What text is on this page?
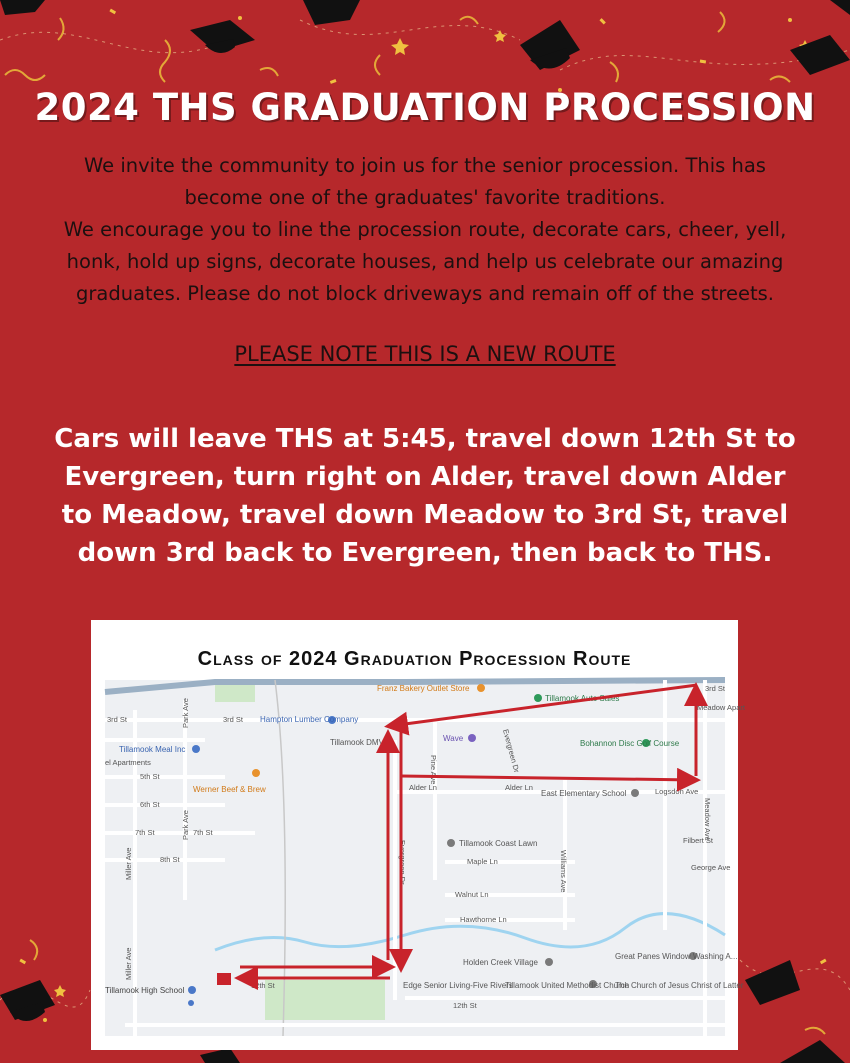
2024 THS GRADUATION PROCESSION
We invite the community to join us for the senior procession. This has
become one of the graduates' favorite traditions.
We encourage you to line the procession route, decorate cars, cheer, yell,
honk, hold up signs, decorate houses, and help us celebrate our amazing
graduates. Please do not block driveways and remain off of the streets.
PLEASE NOTE THIS IS A NEW ROUTE
Cars will leave THS at 5:45, travel down 12th St to
Evergreen, turn right on Alder, travel down Alder
to Meadow, travel down Meadow to 3rd St, travel
down 3rd back to Evergreen, then back to THS.
Class of 2024 Graduation Procession Route
3rd St	3rd St
3rd St
5th St
6th St
7th St	7th St
8th St
Park Ave
Park Ave
Miller Ave
Miller Ave
Pine Ave	Evergreen Dr
Evergreen Dr
Alder Ln	Alder Ln
Williams Ave
Maple Ln
Walnut Ln
Hawthorne Ln
12th St
12th St
Meadow Ave
Filbert St
George Ave
Logsdon Ave
Franz Bakery Outlet Store
Tillamook Auto Sales
Hampton Lumber Company
Tillamook DMV	Wave
Bohannon Disc Golf Course
Tillamook Meal Inc
el Apartments
Werner Beef & Brew	East Elementary School
Tillamook Coast Lawn
Holden Creek Village
Great Panes Window Washing A...
Tillamook High School
Edge Senior Living-Five Rivers
Tillamook United Methodist Church
The Church of Jesus Christ of Latter
Meadow Apart
